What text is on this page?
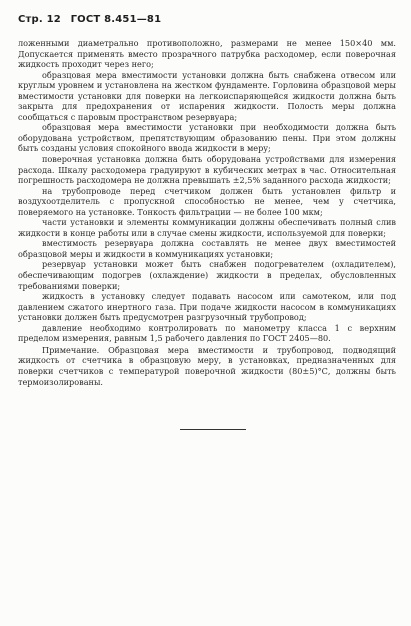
Стр. 12 ГОСТ 8.451—81

ложенными диаметрально противоположно, размерами не менее 150×40 мм. Допускается применять вместо прозрачного патрубка расходомер, если поверочная жидкость проходит через него;

образцовая мера вместимости установки должна быть снабжена отвесом или круглым уровнем и установлена на жестком фундаменте. Горловина образцовой меры вместимости установки для поверки на легкоиспаряющейся жидкости должна быть закрыта для предохранения от испарения жидкости. Полость меры должна сообщаться с паровым пространством резервуара;

образцовая мера вместимости установки при необходимости должна быть оборудована устройством, препятствующим образованию пены. При этом должны быть созданы условия спокойного ввода жидкости в меру;

поверочная установка должна быть оборудована устройствами для измерения расхода. Шкалу расходомера градуируют в кубических метрах в час. Относительная погрешность расходомера не должна превышать ±2,5% заданного расхода жидкости;

на трубопроводе перед счетчиком должен быть установлен фильтр и воздухоотделитель с пропускной способностью не менее, чем у счетчика, поверяемого на установке. Тонкость фильтрации — не более 100 мкм;

части установки и элементы коммуникации должны обеспечивать полный слив жидкости в конце работы или в случае смены жидкости, используемой для поверки;

вместимость резервуара должна составлять не менее двух вместимостей образцовой меры и жидкости в коммуникациях установки;

резервуар установки может быть снабжен подогревателем (охладителем), обеспечивающим подогрев (охлаждение) жидкости в пределах, обусловленных требованиями поверки;

жидкость в установку следует подавать насосом или самотеком, или под давлением сжатого инертного газа. При подаче жидкости насосом в коммуникациях установки должен быть предусмотрен разгрузочный трубопровод;

давление необходимо контролировать по манометру класса 1 с верхним пределом измерения, равным 1,5 рабочего давления по ГОСТ 2405—80.

Примечание. Образцовая мера вместимости и трубопровод, подводящий жидкость от счетчика в образцовую меру, в установках, предназначенных для поверки счетчиков с температурой поверочной жидкости (80±5)°С, должны быть термоизолированы.
